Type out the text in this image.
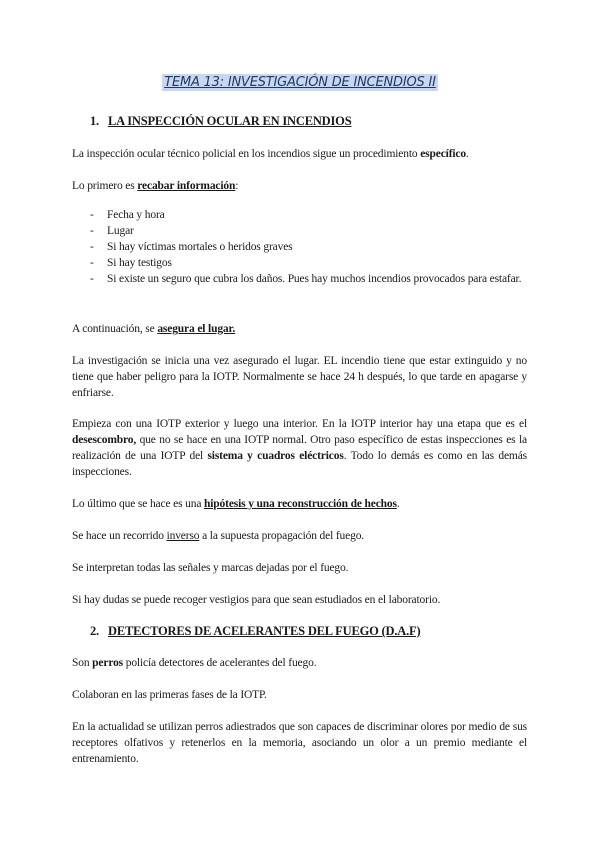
TEMA 13: INVESTIGACIÓN DE INCENDIOS II
1. LA INSPECCIÓN OCULAR EN INCENDIOS
La inspección ocular técnico policial en los incendios sigue un procedimiento específico.
Lo primero es recabar información:
- Fecha y hora
- Lugar
- Si hay víctimas mortales o heridos graves
- Si hay testigos
- Si existe un seguro que cubra los daños. Pues hay muchos incendios provocados para estafar.
A continuación, se asegura el lugar.
La investigación se inicia una vez asegurado el lugar. EL incendio tiene que estar extinguido y no tiene que haber peligro para la IOTP. Normalmente se hace 24 h después, lo que tarde en apagarse y enfriarse.
Empieza con una IOTP exterior y luego una interior. En la IOTP interior hay una etapa que es el desescombro, que no se hace en una IOTP normal. Otro paso específico de estas inspecciones es la realización de una IOTP del sistema y cuadros eléctricos. Todo lo demás es como en las demás inspecciones.
Lo último que se hace es una hipótesis y una reconstrucción de hechos.
Se hace un recorrido inverso a la supuesta propagación del fuego.
Se interpretan todas las señales y marcas dejadas por el fuego.
Si hay dudas se puede recoger vestigios para que sean estudiados en el laboratorio.
2. DETECTORES DE ACELERANTES DEL FUEGO (D.A.F)
Son perros policía detectores de acelerantes del fuego.
Colaboran en las primeras fases de la IOTP.
En la actualidad se utilizan perros adiestrados que son capaces de discriminar olores por medio de sus receptores olfativos y retenerlos en la memoria, asociando un olor a un premio mediante el entrenamiento.
